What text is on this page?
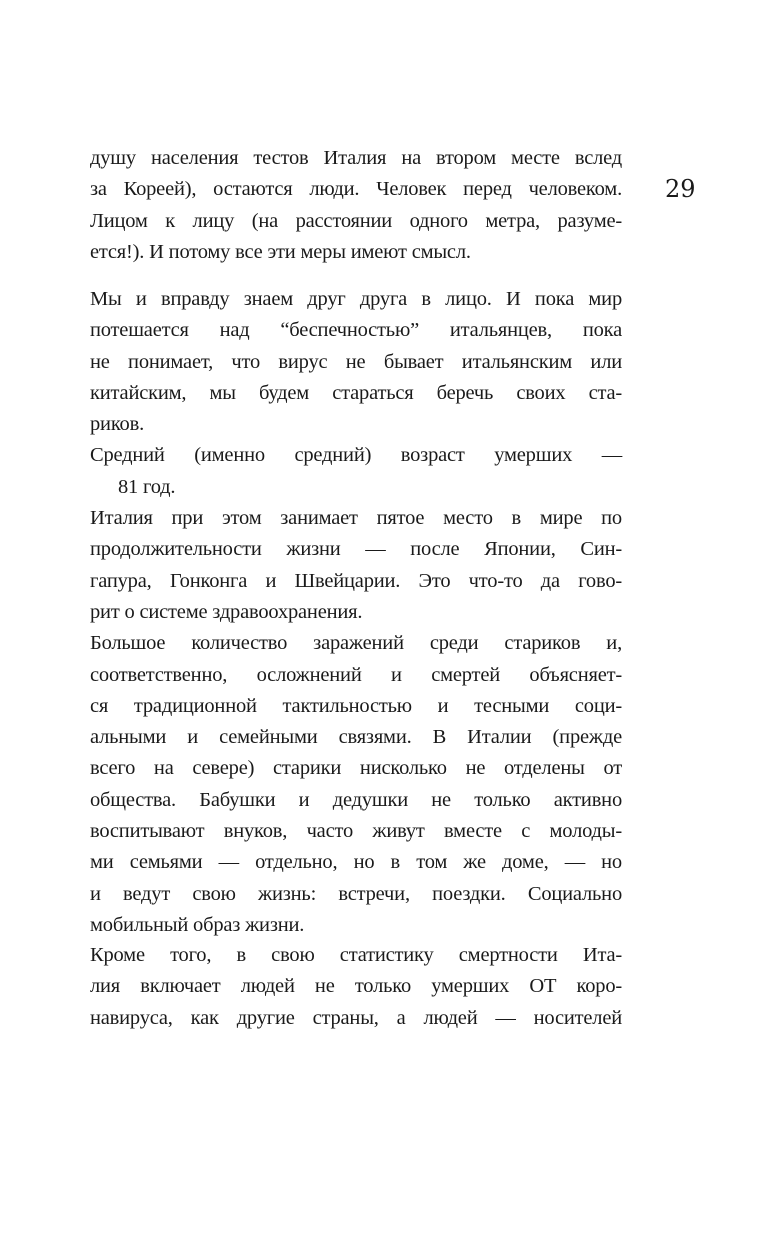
29
душу населения тестов Италия на втором месте вслед
за Кореей), остаются люди. Человек перед человеком.
Лицом к лицу (на расстоянии одного метра, разуме-
ется!). И потому все эти меры имеют смысл.
Мы и вправду знаем друг друга в лицо. И пока мир
потешается над “беспечностью” итальянцев, пока
не понимает, что вирус не бывает итальянским или
китайским, мы будем стараться беречь своих ста-
риков.
Средний (именно средний) возраст умерших —
81 год.
Италия при этом занимает пятое место в мире по
продолжительности жизни — после Японии, Син-
гапура, Гонконга и Швейцарии. Это что-то да гово-
рит о системе здравоохранения.
Большое количество заражений среди стариков и,
соответственно, осложнений и смертей объясняет-
ся традиционной тактильностью и тесными соци-
альными и семейными связями. В Италии (прежде
всего на севере) старики нисколько не отделены от
общества. Бабушки и дедушки не только активно
воспитывают внуков, часто живут вместе с молоды-
ми семьями — отдельно, но в том же доме, — но
и ведут свою жизнь: встречи, поездки. Социально
мобильный образ жизни.
Кроме того, в свою статистику смертности Ита-
лия включает людей не только умерших ОТ коро-
навируса, как другие страны, а людей — носителей
